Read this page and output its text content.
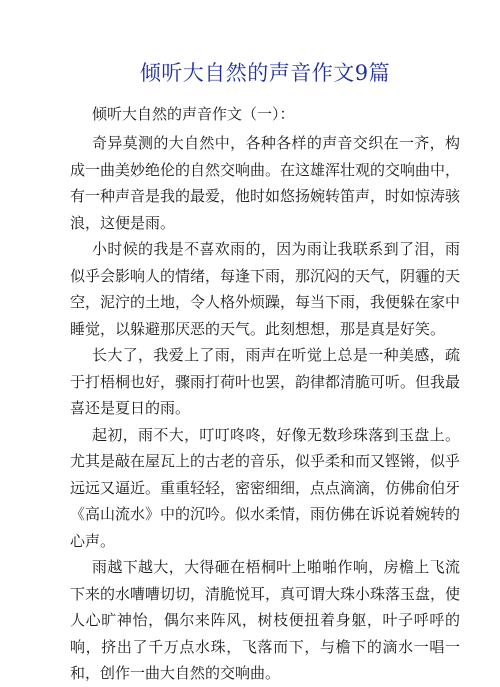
倾听大自然的声音作文9篇

倾听大自然的声音作文（一）：

奇异莫测的大自然中，各种各样的声音交织在一齐，构成一曲美妙绝伦的自然交响曲。在这雄浑壮观的交响曲中，有一种声音是我的最爱，他时如悠扬婉转笛声，时如惊涛骇浪，这便是雨。

小时候的我是不喜欢雨的，因为雨让我联系到了泪，雨似乎会影响人的情绪，每逢下雨，那沉闷的天气，阴霾的天空，泥泞的土地，令人格外烦躁，每当下雨，我便躲在家中睡觉，以躲避那厌恶的天气。此刻想想，那是真是好笑。

长大了，我爱上了雨，雨声在听觉上总是一种美感，疏于打梧桐也好，骤雨打荷叶也罢，韵律都清脆可听。但我最喜还是夏日的雨。

起初，雨不大，叮叮咚咚，好像无数珍珠落到玉盘上。尤其是敲在屋瓦上的古老的音乐，似乎柔和而又铿锵，似乎远远又逼近。重重轻轻，密密细细，点点滴滴，仿佛俞伯牙《高山流水》中的沉吟。似水柔情，雨仿佛在诉说着婉转的心声。

雨越下越大，大得砸在梧桐叶上啪啪作响，房檐上飞流下来的水嘈嘈切切，清脆悦耳，真可谓大珠小珠落玉盘，使人心旷神怡，偶尔来阵风，树枝便扭着身躯，叶子呼呼的响，挤出了千万点水珠，飞落而下，与檐下的滴水一唱一和，创作一曲大自然的交响曲。
